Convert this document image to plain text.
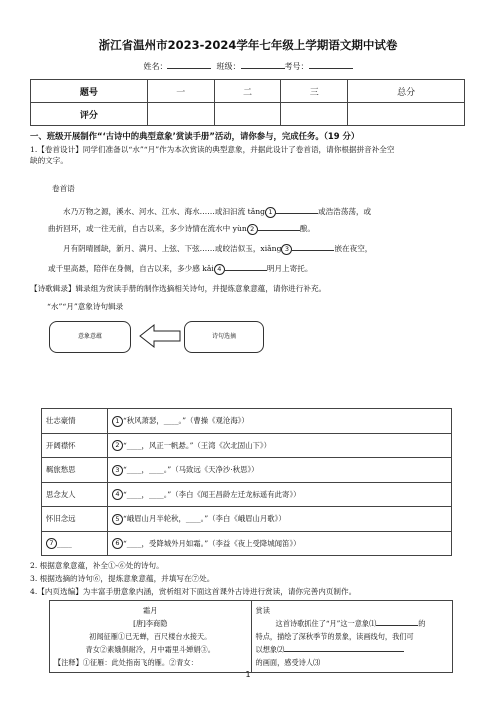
浙江省温州市2023-2024学年七年级上学期语文期中试卷
姓名：	班级：	考号：
题号	一	二	三	总分
评分				
一、班级开展制作“‘古诗中的典型意象’赏读手册”活动，请你参与，完成任务。（19 分）
1.【卷首设计】同学们准备以“水”“月”作为本次赏读的典型意象，并据此设计了卷首语，请你根据拼音补全空
缺的文字。
卷首语
水乃万物之源，溪水、河水、江水、海水……或汩汩流 tǎng 1	或浩浩荡荡，或
曲折回环，或一往无前，自古以来，多少诗情在流水中 yùn 2	酿。
月有阴晴圆缺，新月、满月、上弦、下弦……或皎洁似玉，xiǎng 3	嵌在夜空，
或千里高悬，陪伴在身侧，自古以来，多少感 kǎi 4	明月上寄托。
【诗歌辑录】辑录组为赏读手册的制作选摘相关诗句，并提炼意象意蕴，请你进行补充。
“水”“月”意象诗句辑录
意象意蕴	诗句选摘
壮志豪情	1 “秋风萧瑟，____。”（曹操《观沧海》）
开阔襟怀	2 “____，风正一帆悬。”（王湾《次北固山下》）
羁旅愁思	3 “____，____。”（马致远《天净沙·秋思》）
思念友人	4 “____，____。”（李白《闻王昌龄左迁龙标遥有此寄》）
怀旧念远	5 “峨眉山月半轮秋，____。”（李白《峨眉山月歌》）
7 ____	6 “____，受降城外月如霜。”（李益《夜上受降城闻笛》）
2. 根据意象意蕴，补全①-⑥处的诗句。
3. 根据选摘的诗句⑥，提炼意象意蕴，并填写在⑦处。
1
4.【内页选编】为丰富手册意象内涵，赏析组对下面这首课外古诗进行赏读，请你完善内页制作。
霜月
[唐]李商隐
初闻征雁①已无蝉，百尺楼台水接天。
青女②素娥俱耐冷，月中霜里斗婵娟③。
【注释】①征雁：此处指南飞的雁。②青女：

赏读
这首诗歌抓住了“月”这一意象⑴	的
特点，描绘了深秋季节的景象，读画线句，我们可
以想象⑵
的画面，感受诗人⑶
